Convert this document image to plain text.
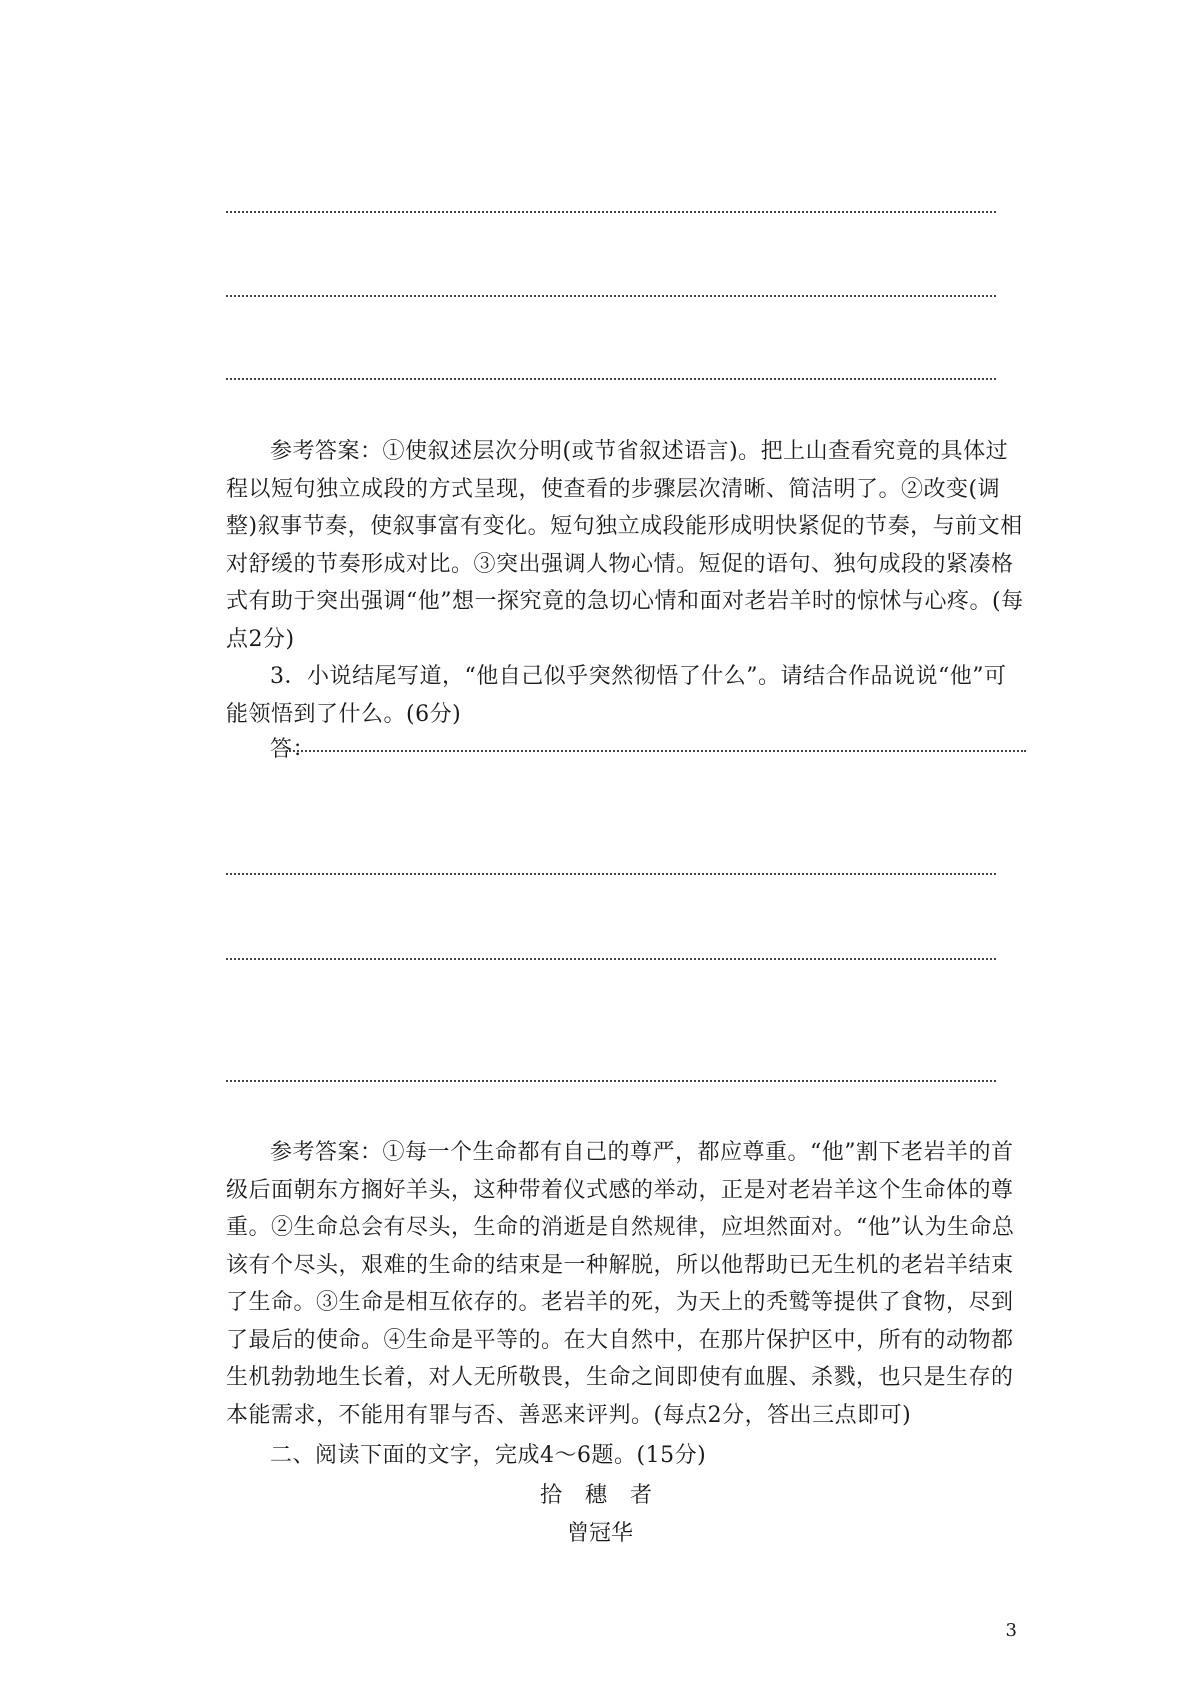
参考答案：①使叙述层次分明(或节省叙述语言)。把上山查看究竟的具体过程以短句独立成段的方式呈现，使查看的步骤层次清晰、简洁明了。②改变(调整)叙事节奏，使叙事富有变化。短句独立成段能形成明快紧促的节奏，与前文相对舒缓的节奏形成对比。③突出强调人物心情。短促的语句、独句成段的紧凑格式有助于突出强调“他”想一探究竟的急切心情和面对老岩羊时的惊怵与心疼。(每点2分)

3．小说结尾写道，“他自己似乎突然彻悟了什么”。请结合作品说说“他”可能领悟到了什么。(6分)

答：

参考答案：①每一个生命都有自己的尊严，都应尊重。“他”割下老岩羊的首级后面朝东方搁好羊头，这种带着仪式感的举动，正是对老岩羊这个生命体的尊重。②生命总会有尽头，生命的消逝是自然规律，应坦然面对。“他”认为生命总该有个尽头，艰难的生命的结束是一种解脱，所以他帮助已无生机的老岩羊结束了生命。③生命是相互依存的。老岩羊的死，为天上的秃鹫等提供了食物，尽到了最后的使命。④生命是平等的。在大自然中，在那片保护区中，所有的动物都生机勃勃地生长着，对人无所敬畏，生命之间即使有血腥、杀戮，也只是生存的本能需求，不能用有罪与否、善恶来评判。(每点2分，答出三点即可)

二、阅读下面的文字，完成4～6题。(15分)
拾 穗 者
曾冠华
3
